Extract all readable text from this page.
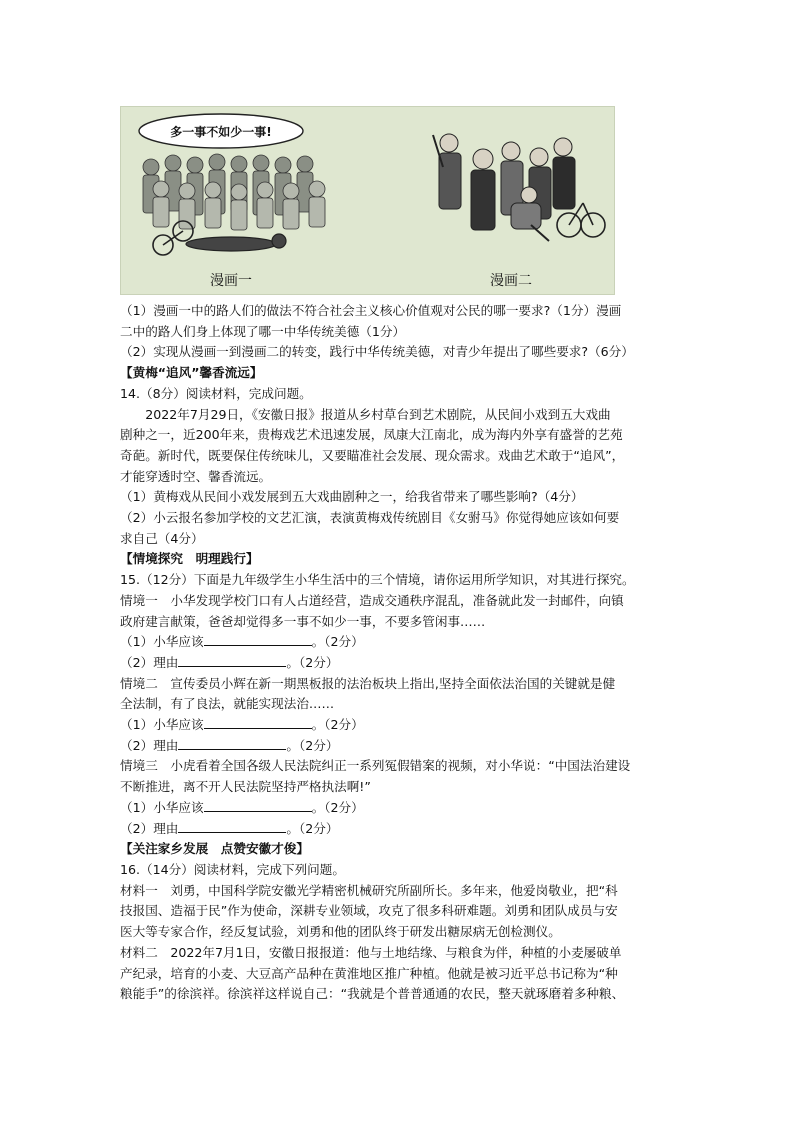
多一事不如少一事!
漫画一	漫画二

（1）漫画一中的路人们的做法不符合社会主义核心价值观对公民的哪一要求?（1分）漫画

二中的路人们身上体现了哪一中华传统美德（1分）

（2）实现从漫画一到漫画二的转变，践行中华传统美德，对青少年提出了哪些要求?（6分）

【黄梅“追风”馨香流远】

14.（8分）阅读材料，完成问题。

2022年7月29日，《安徽日报》报道从乡村草台到艺术剧院，从民间小戏到五大戏曲

剧种之一，近200年来，贵梅戏艺术迅速发展，凤康大江南北，成为海内外享有盛誉的艺苑

奇葩。新时代，既要保住传统味儿，又要瞄准社会发展、现众需求。戏曲艺术敢于“追风”，

才能穿透时空、馨香流远。

（1）黄梅戏从民间小戏发展到五大戏曲剧种之一，给我省带来了哪些影响?（4分）

（2）小云报名参加学校的文艺汇演，表演黄梅戏传统剧目《女驸马》你觉得她应该如何要

求自己（4分）

【情境探究　明理践行】

15.（12分）下面是九年级学生小华生活中的三个情境，请你运用所学知识，对其进行探究。

情境一　小华发现学校门口有人占道经营，造成交通秩序混乱，准备就此发一封邮件，向镇

政府建言献策，爸爸却觉得多一事不如少一事，不要多管闲事……

（1）小华应该	。（2分）

（2）理由	。（2分）

情境二　宣传委员小辉在新一期黑板报的法治板块上指出,坚持全面依法治国的关键就是健

全法制，有了良法，就能实现法治……

（1）小华应该	。（2分）

（2）理由	。（2分）

情境三　小虎看着全国各级人民法院纠正一系列冤假错案的视频，对小华说：“中国法治建设

不断推进，离不开人民法院坚持严格执法啊!”

（1）小华应该	。（2分）

（2）理由	。（2分）

【关注家乡发展　点赞安徽才俊】

16.（14分）阅读材料，完成下列问题。

材料一　刘勇，中国科学院安徽光学精密机械研究所副所长。多年来，他爱岗敬业，把“科

技报国、造福于民”作为使命，深耕专业领域，攻克了很多科研难题。刘勇和团队成员与安

医大等专家合作，经反复试验，刘勇和他的团队终于研发出糖尿病无创检测仪。

材料二　2022年7月1日，安徽日报报道：他与土地结缘、与粮食为伴，种植的小麦屡破单

产纪录，培育的小麦、大豆高产品种在黄淮地区推广种植。他就是被习近平总书记称为“种

粮能手”的徐滨祥。徐滨祥这样说自己：“我就是个普普通通的农民，整天就琢磨着多种粮、
